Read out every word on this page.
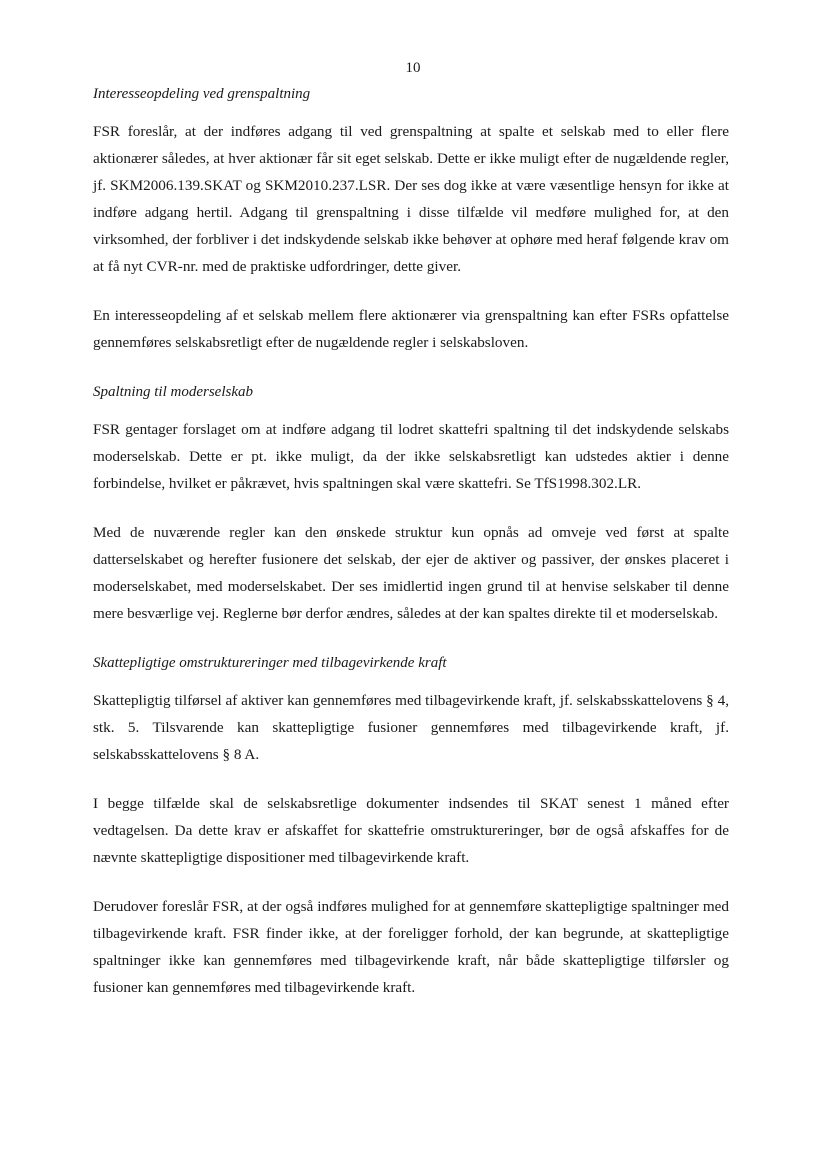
10
Interesseopdeling ved grenspaltning

FSR foreslår, at der indføres adgang til ved grenspaltning at spalte et selskab med to eller flere aktionærer således, at hver aktionær får sit eget selskab. Dette er ikke muligt efter de nugældende regler, jf. SKM2006.139.SKAT og SKM2010.237.LSR. Der ses dog ikke at være væsentlige hensyn for ikke at indføre adgang hertil. Adgang til grenspaltning i disse tilfælde vil medføre mulighed for, at den virksomhed, der forbliver i det indskydende selskab ikke behøver at ophøre med heraf følgende krav om at få nyt CVR-nr. med de praktiske udfordringer, dette giver.

En interesseopdeling af et selskab mellem flere aktionærer via grenspaltning kan efter FSRs opfattelse gennemføres selskabsretligt efter de nugældende regler i selskabsloven.

Spaltning til moderselskab

FSR gentager forslaget om at indføre adgang til lodret skattefri spaltning til det indskydende selskabs moderselskab. Dette er pt. ikke muligt, da der ikke selskabsretligt kan udstedes aktier i denne forbindelse, hvilket er påkrævet, hvis spaltningen skal være skattefri. Se TfS1998.302.LR.

Med de nuværende regler kan den ønskede struktur kun opnås ad omveje ved først at spalte datterselskabet og herefter fusionere det selskab, der ejer de aktiver og passiver, der ønskes placeret i moderselskabet, med moderselskabet. Der ses imidlertid ingen grund til at henvise selskaber til denne mere besværlige vej. Reglerne bør derfor ændres, således at der kan spaltes direkte til et moderselskab.

Skattepligtige omstruktureringer med tilbagevirkende kraft

Skattepligtig tilførsel af aktiver kan gennemføres med tilbagevirkende kraft, jf. selskabsskattelovens § 4, stk. 5. Tilsvarende kan skattepligtige fusioner gennemføres med tilbagevirkende kraft, jf. selskabsskattelovens § 8 A.

I begge tilfælde skal de selskabsretlige dokumenter indsendes til SKAT senest 1 måned efter vedtagelsen. Da dette krav er afskaffet for skattefrie omstruktureringer, bør de også afskaffes for de nævnte skattepligtige dispositioner med tilbagevirkende kraft.

Derudover foreslår FSR, at der også indføres mulighed for at gennemføre skattepligtige spaltninger med tilbagevirkende kraft. FSR finder ikke, at der foreligger forhold, der kan begrunde, at skattepligtige spaltninger ikke kan gennemføres med tilbagevirkende kraft, når både skattepligtige tilførsler og fusioner kan gennemføres med tilbagevirkende kraft.
